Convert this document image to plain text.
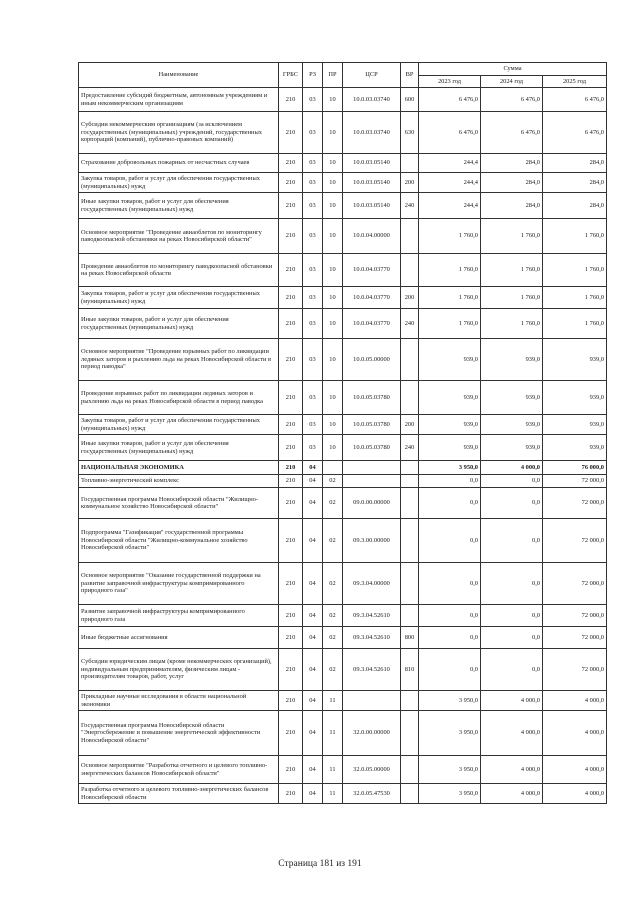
Наименование	ГРБС	РЗ	ПР	ЦСР	ВР	Сумма		
						2023 год	2024 год	2025 год
Предоставление субсидий бюджетным, автономным учреждениям и иным некоммерческим организациям	210	03	10	10.0.03.03740	600	6 476,0	6 476,0	6 476,0
Субсидии некоммерческим организациям (за исключением государственных (муниципальных) учреждений, государственных корпораций (компаний), публично-правовых компаний)	210	03	10	10.0.03.03740	630	6 476,0	6 476,0	6 476,0
Страхование добровольных пожарных от несчастных случаев	210	03	10	10.0.03.05140		244,4	284,0	284,0
Закупка товаров, работ и услуг для обеспечения государственных (муниципальных) нужд	210	03	10	10.0.03.05140	200	244,4	284,0	284,0
Иные закупки товаров, работ и услуг для обеспечения государственных (муниципальных) нужд	210	03	10	10.0.03.05140	240	244,4	284,0	284,0
Основное мероприятие "Проведение авиаоблетов по мониторингу паводкоопасной обстановки на реках Новосибирской области"	210	03	10	10.0.04.00000		1 760,0	1 760,0	1 760,0
Проведение авиаоблетов по мониторингу паводкоопасной обстановки на реках Новосибирской области	210	03	10	10.0.04.03770		1 760,0	1 760,0	1 760,0
Закупка товаров, работ и услуг для обеспечения государственных (муниципальных) нужд	210	03	10	10.0.04.03770	200	1 760,0	1 760,0	1 760,0
Иные закупки товаров, работ и услуг для обеспечения государственных (муниципальных) нужд	210	03	10	10.0.04.03770	240	1 760,0	1 760,0	1 760,0
Основное мероприятие "Проведение взрывных работ по ликвидации ледяных заторов и рыхлению льда на реках Новосибирской области в период паводка"	210	03	10	10.0.05.00000		939,0	939,0	939,0
Проведение взрывных работ по ликвидации ледяных заторов и рыхлению льда на реках Новосибирской области в период паводка	210	03	10	10.0.05.03780		939,0	939,0	939,0
Закупка товаров, работ и услуг для обеспечения государственных (муниципальных) нужд	210	03	10	10.0.05.03780	200	939,0	939,0	939,0
Иные закупки товаров, работ и услуг для обеспечения государственных (муниципальных) нужд	210	03	10	10.0.05.03780	240	939,0	939,0	939,0
НАЦИОНАЛЬНАЯ ЭКОНОМИКА	210	04				3 950,0	4 000,0	76 000,0
Топливно-энергетический комплекс	210	04	02			0,0	0,0	72 000,0
Государственная программа Новосибирской области "Жилищно-коммунальное хозяйство Новосибирской области"	210	04	02	09.0.00.00000		0,0	0,0	72 000,0
Подпрограмма "Газификация" государственной программы Новосибирской области "Жилищно-коммунальное хозяйство Новосибирской области"	210	04	02	09.3.00.00000		0,0	0,0	72 000,0
Основное мероприятие "Оказание государственной поддержки на развитие заправочной инфраструктуры компримированного природного газа"	210	04	02	09.3.04.00000		0,0	0,0	72 000,0
Развитие заправочной инфраструктуры компримированного природного газа	210	04	02	09.3.04.52610		0,0	0,0	72 000,0
Иные бюджетные ассигнования	210	04	02	09.3.04.52610	800	0,0	0,0	72 000,0
Субсидии юридическим лицам (кроме некоммерческих организаций), индивидуальным предпринимателям, физическим лицам - производителям товаров, работ, услуг	210	04	02	09.3.04.52610	810	0,0	0,0	72 000,0
Прикладные научные исследования в области национальной экономики	210	04	11			3 950,0	4 000,0	4 000,0
Государственная программа Новосибирской области "Энергосбережение и повышение энергетической эффективности Новосибирской области"	210	04	11	32.0.00.00000		3 950,0	4 000,0	4 000,0
Основное мероприятие "Разработка отчетного и целевого топливно-энергетических балансов Новосибирской области"	210	04	11	32.0.05.00000		3 950,0	4 000,0	4 000,0
Разработка отчетного и целевого топливно-энергетических балансов Новосибирской области	210	04	11	32.0.05.47530		3 950,0	4 000,0	4 000,0
Страница 181 из 191
